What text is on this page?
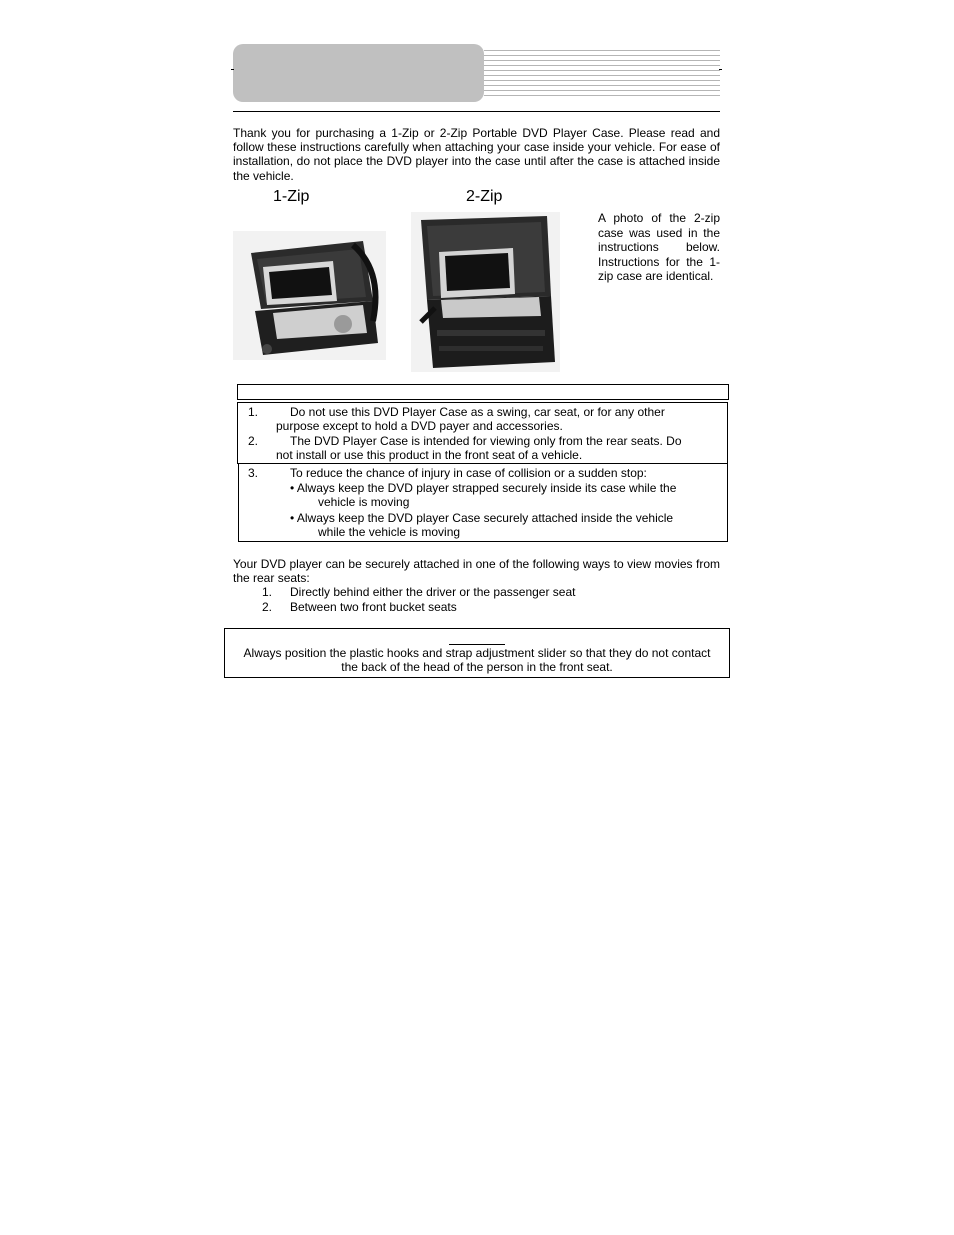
Thank you for purchasing a 1-Zip or 2-Zip Portable DVD Player Case. Please read and follow these instructions carefully when attaching your case inside your vehicle. For ease of installation, do not place the DVD player into the case until after the case is attached inside the vehicle.
1-Zip	2-Zip
A photo of the 2-zip case was used in the instructions below. Instructions for the 1-zip case are identical.
1.	Do not use this DVD Player Case as a swing, car seat, or for any other
purpose except to hold a DVD payer and accessories.
2.	The DVD Player Case is intended for viewing only from the rear seats. Do
not install or use this product in the front seat of a vehicle.
3.	To reduce the chance of injury in case of collision or a sudden stop:
• Always keep the DVD player strapped securely inside its case while the
vehicle is moving
• Always keep the DVD player Case securely attached inside the vehicle
while the vehicle is moving
Your DVD player can be securely attached in one of the following ways to view movies from the rear seats:
1. Directly behind either the driver or the passenger seat
2. Between two front bucket seats
Always position the plastic hooks and strap adjustment slider so that they do not contact
the back of the head of the person in the front seat.
